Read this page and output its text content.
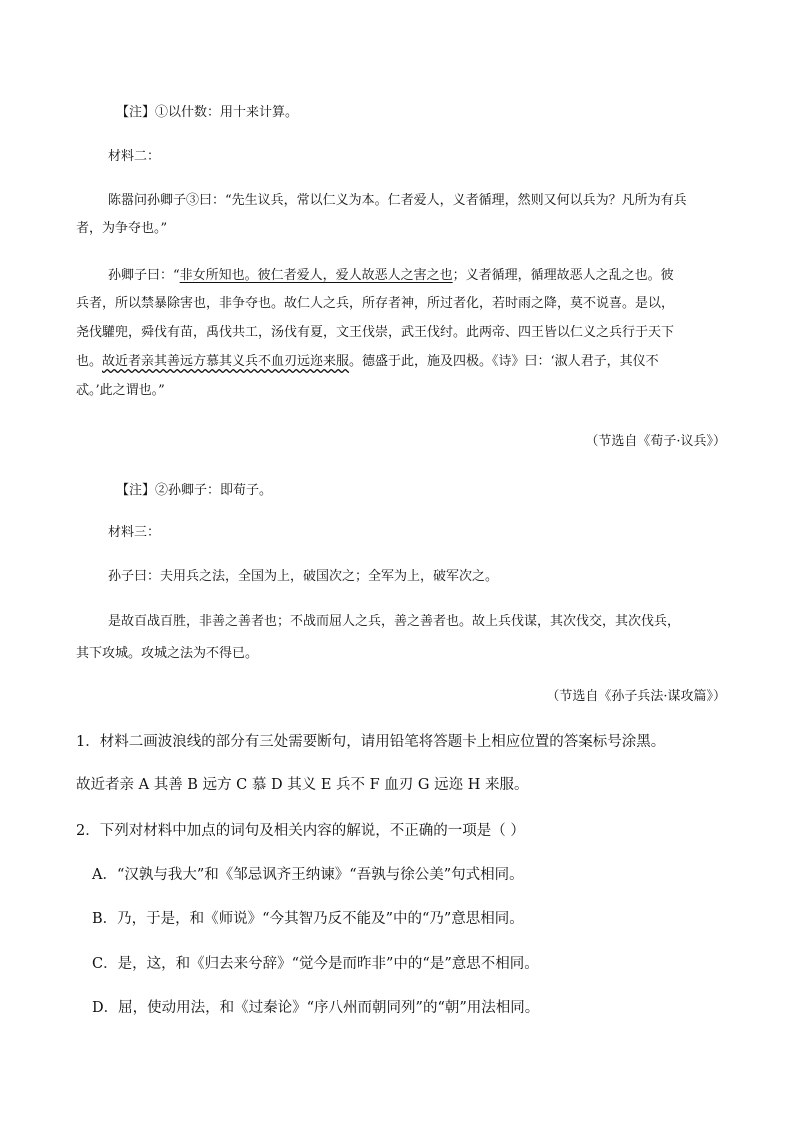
【注】①以什数：用十来计算。
材料二：
陈嚣问孙卿子③曰：“先生议兵，常以仁义为本。仁者爱人，义者循理，然则又何以兵为？凡所为有兵
者，为争夺也。”
孙卿子曰：“非女所知也。彼仁者爱人，爱人故恶人之害之也；义者循理，循理故恶人之乱之也。彼
兵者，所以禁暴除害也，非争夺也。故仁人之兵，所存者神，所过者化，若时雨之降，莫不说喜。是以，
尧伐驩兜，舜伐有苗，禹伐共工，汤伐有夏，文王伐崇，武王伐纣。此两帝、四王皆以仁义之兵行于天下
也。故近者亲其善远方慕其义兵不血刃远迩来服。德盛于此，施及四极。《诗》曰：‘淑人君子，其仪不
忒。’此之谓也。”
（节选自《荀子·议兵》）
【注】②孙卿子：即荀子。
材料三：
孙子曰：夫用兵之法，全国为上，破国次之；全军为上，破军次之。
是故百战百胜，非善之善者也；不战而屈人之兵，善之善者也。故上兵伐谋，其次伐交，其次伐兵，
其下攻城。攻城之法为不得已。
（节选自《孙子兵法·谋攻篇》）
1．材料二画波浪线的部分有三处需要断句，请用铅笔将答题卡上相应位置的答案标号涂黑。
故近者亲 A 其善 B 远方 C 慕 D 其义 E 兵不 F 血刃 G 远迩 H 来服。
2．下列对材料中加点的词句及相关内容的解说，不正确的一项是（ ）
A．“汉孰与我大”和《邹忌讽齐王纳谏》“吾孰与徐公美”句式相同。
B．乃，于是，和《师说》“今其智乃反不能及”中的“乃”意思相同。
C．是，这，和《归去来兮辞》“觉今是而昨非”中的“是”意思不相同。
D．屈，使动用法，和《过秦论》“序八州而朝同列”的“朝”用法相同。
